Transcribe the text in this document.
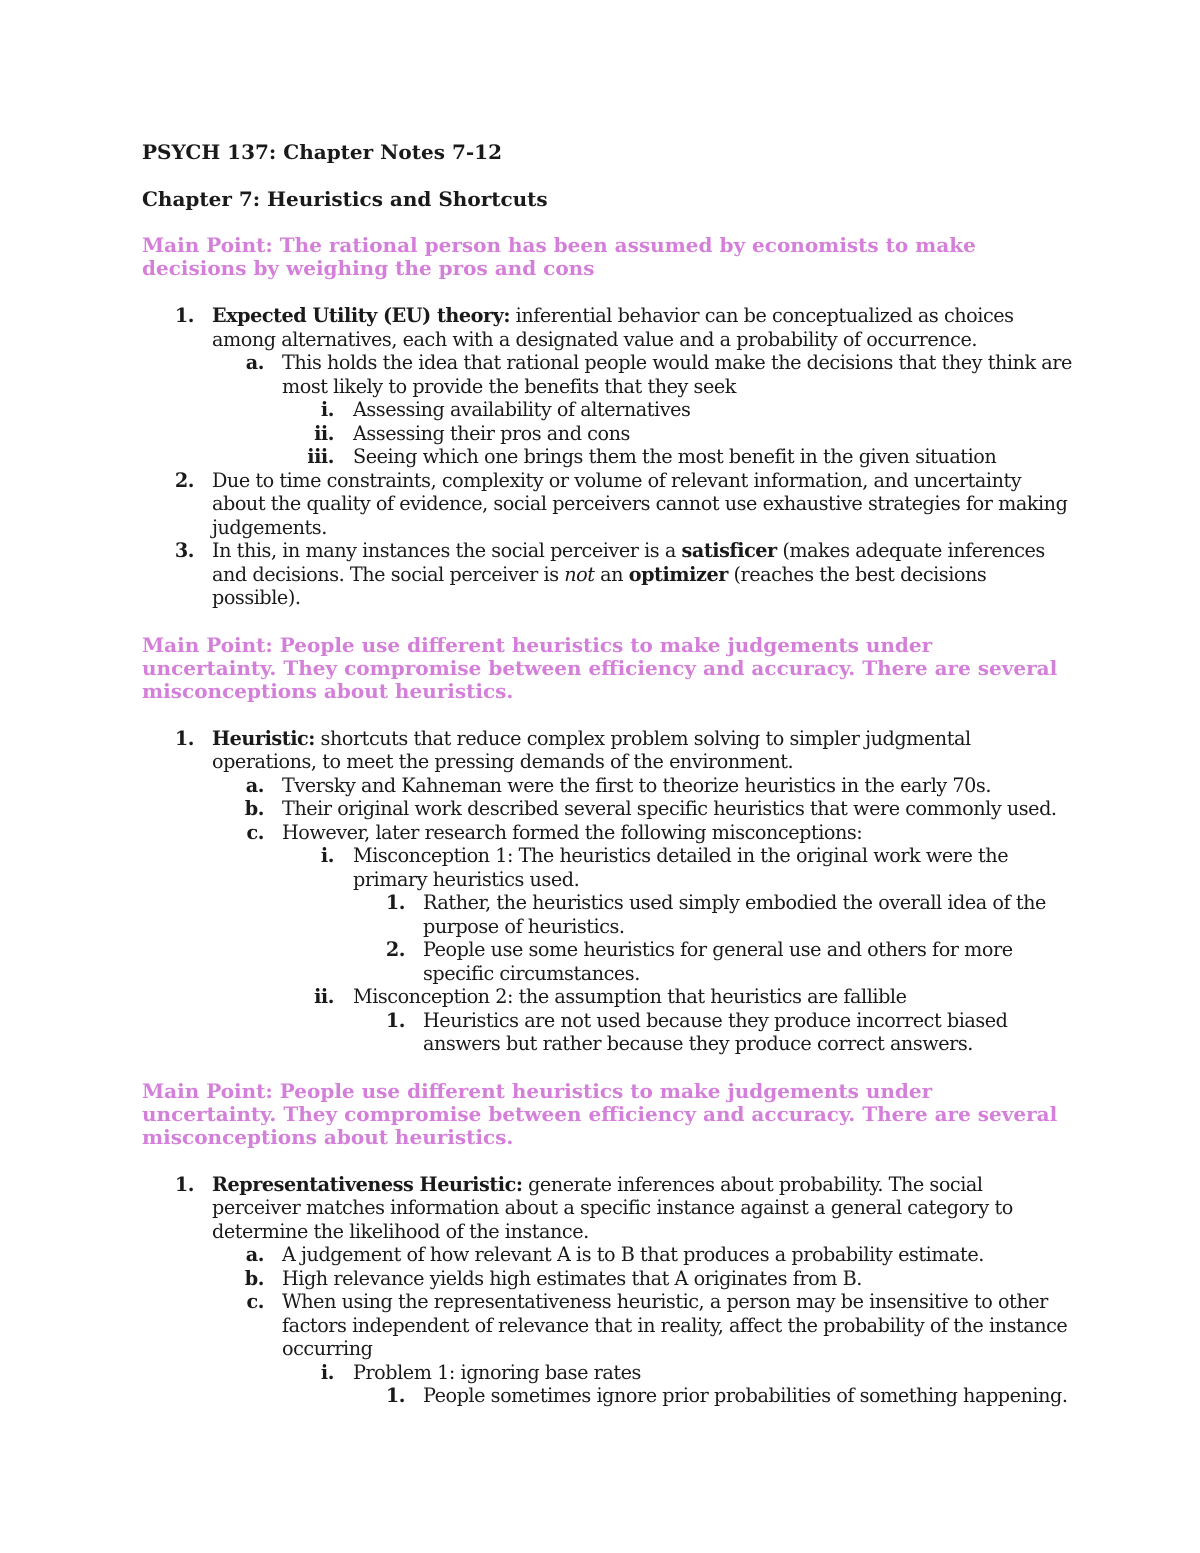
PSYCH 137: Chapter Notes 7-12

Chapter 7: Heuristics and Shortcuts

Main Point: The rational person has been assumed by economists to make decisions by weighing the pros and cons

1. Expected Utility (EU) theory: inferential behavior can be conceptualized as choices among alternatives, each with a designated value and a probability of occurrence.
a. This holds the idea that rational people would make the decisions that they think are most likely to provide the benefits that they seek
i. Assessing availability of alternatives
ii. Assessing their pros and cons
iii. Seeing which one brings them the most benefit in the given situation
2. Due to time constraints, complexity or volume of relevant information, and uncertainty about the quality of evidence, social perceivers cannot use exhaustive strategies for making judgements.
3. In this, in many instances the social perceiver is a satisficer (makes adequate inferences and decisions. The social perceiver is not an optimizer (reaches the best decisions possible).

Main Point: People use different heuristics to make judgements under uncertainty. They compromise between efficiency and accuracy. There are several misconceptions about heuristics.

1. Heuristic: shortcuts that reduce complex problem solving to simpler judgmental operations, to meet the pressing demands of the environment.
a. Tversky and Kahneman were the first to theorize heuristics in the early 70s.
b. Their original work described several specific heuristics that were commonly used.
c. However, later research formed the following misconceptions:
i. Misconception 1: The heuristics detailed in the original work were the primary heuristics used.
1. Rather, the heuristics used simply embodied the overall idea of the purpose of heuristics.
2. People use some heuristics for general use and others for more specific circumstances.
ii. Misconception 2: the assumption that heuristics are fallible
1. Heuristics are not used because they produce incorrect biased answers but rather because they produce correct answers.

Main Point: People use different heuristics to make judgements under uncertainty. They compromise between efficiency and accuracy. There are several misconceptions about heuristics.

1. Representativeness Heuristic: generate inferences about probability. The social perceiver matches information about a specific instance against a general category to determine the likelihood of the instance.
a. A judgement of how relevant A is to B that produces a probability estimate.
b. High relevance yields high estimates that A originates from B.
c. When using the representativeness heuristic, a person may be insensitive to other factors independent of relevance that in reality, affect the probability of the instance occurring
i. Problem 1: ignoring base rates
1. People sometimes ignore prior probabilities of something happening.
